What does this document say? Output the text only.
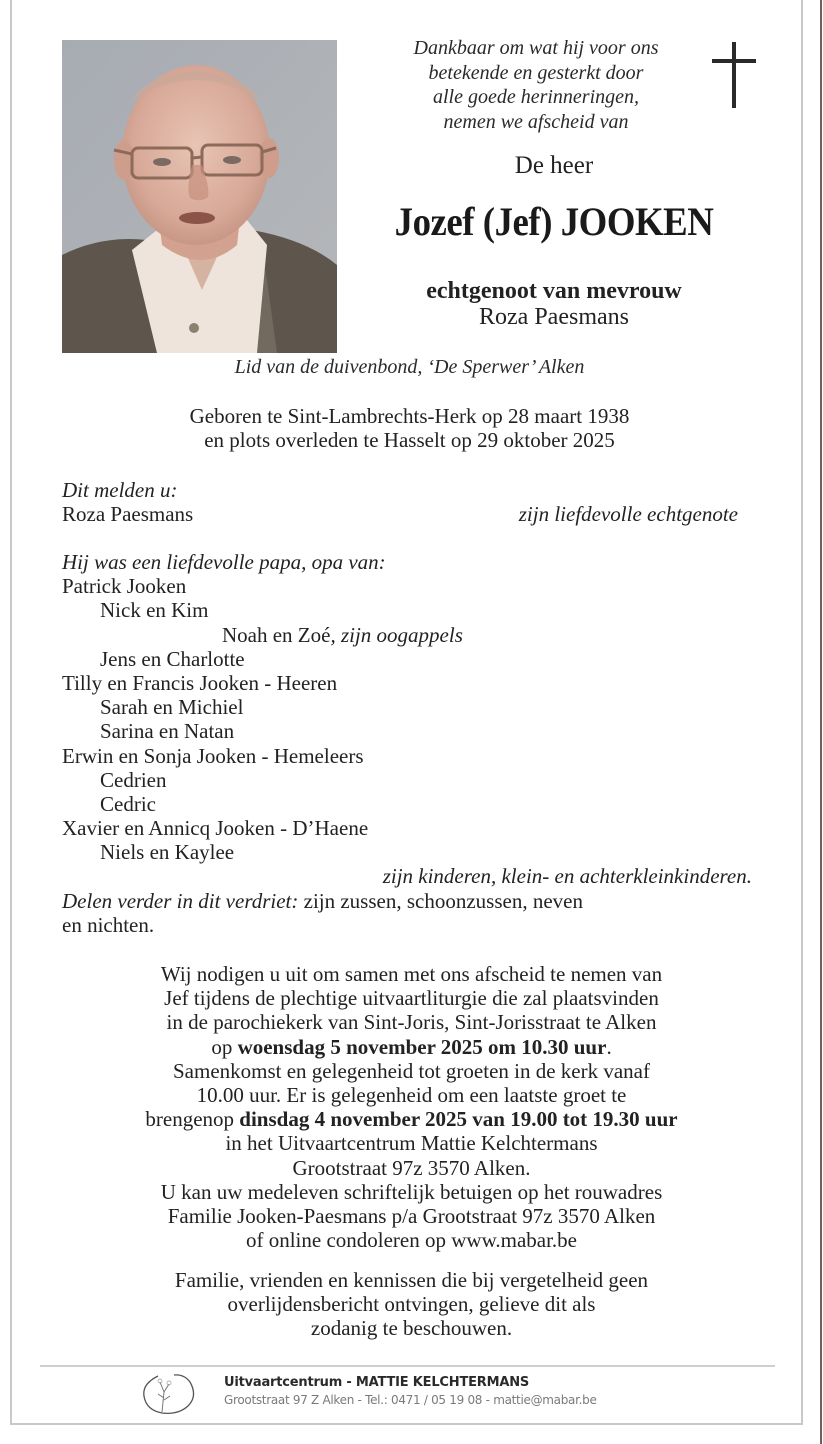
Dankbaar om wat hij voor ons
betekende en gesterkt door
alle goede herinneringen,
nemen we afscheid van
De heer
Jozef (Jef) JOOKEN
echtgenoot van mevrouw
Roza Paesmans
Lid van de duivenbond, ‘De Sperwer’ Alken
Geboren te Sint-Lambrechts-Herk op 28 maart 1938
en plots overleden te Hasselt op 29 oktober 2025
Dit melden u:
Roza Paesmans	zijn liefdevolle echtgenote
Hij was een liefdevolle papa, opa van:
Patrick Jooken
Nick en Kim
Noah en Zoé, zijn oogappels
Jens en Charlotte
Tilly en Francis Jooken - Heeren
Sarah en Michiel
Sarina en Natan
Erwin en Sonja Jooken - Hemeleers
Cedrien
Cedric
Xavier en Annicq Jooken - D’Haene
Niels en Kaylee
zijn kinderen, klein- en achterkleinkinderen.
Delen verder in dit verdriet: zijn zussen, schoonzussen, neven
en nichten.
Wij nodigen u uit om samen met ons afscheid te nemen van
Jef tijdens de plechtige uitvaartliturgie die zal plaatsvinden
in de parochiekerk van Sint-Joris, Sint-Jorisstraat te Alken
op woensdag 5 november 2025 om 10.30 uur.
Samenkomst en gelegenheid tot groeten in de kerk vanaf
10.00 uur. Er is gelegenheid om een laatste groet te
brengenop dinsdag 4 november 2025 van 19.00 tot 19.30 uur
in het Uitvaartcentrum Mattie Kelchtermans
Grootstraat 97z 3570 Alken.
U kan uw medeleven schriftelijk betuigen op het rouwadres
Familie Jooken-Paesmans p/a Grootstraat 97z 3570 Alken
of online condoleren op www.mabar.be
Familie, vrienden en kennissen die bij vergetelheid geen
overlijdensbericht ontvingen, gelieve dit als
zodanig te beschouwen.
Uitvaartcentrum - MATTIE KELCHTERMANS
Grootstraat 97 Z Alken - Tel.: 0471 / 05 19 08 - mattie@mabar.be
